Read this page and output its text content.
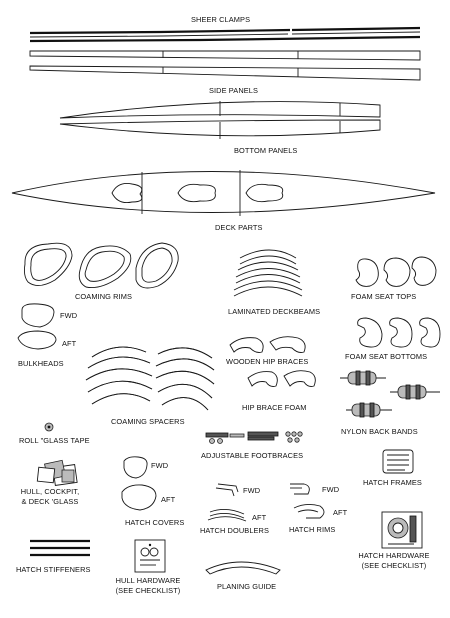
SHEER CLAMPS
SIDE PANELS
BOTTOM PANELS
DECK PARTS
COAMING RIMS
LAMINATED DECKBEAMS
FOAM SEAT TOPS
FWD
AFT
BULKHEADS	WOODEN HIP BRACES
FOAM SEAT BOTTOMS
HIP BRACE FOAM
COAMING SPACERS
NYLON BACK BANDS
ROLL "GLASS TAPE
ADJUSTABLE FOOTBRACES
FWD
AFT
HATCH FRAMES
HULL, COCKPIT,
& DECK 'GLASS
FWD
AFT
FWD
AFT
HATCH COVERS
HATCH DOUBLERS	HATCH RIMS
HATCH HARDWARE
(SEE CHECKLIST)
HATCH STIFFENERS
HULL HARDWARE
(SEE CHECKLIST)	PLANING GUIDE
